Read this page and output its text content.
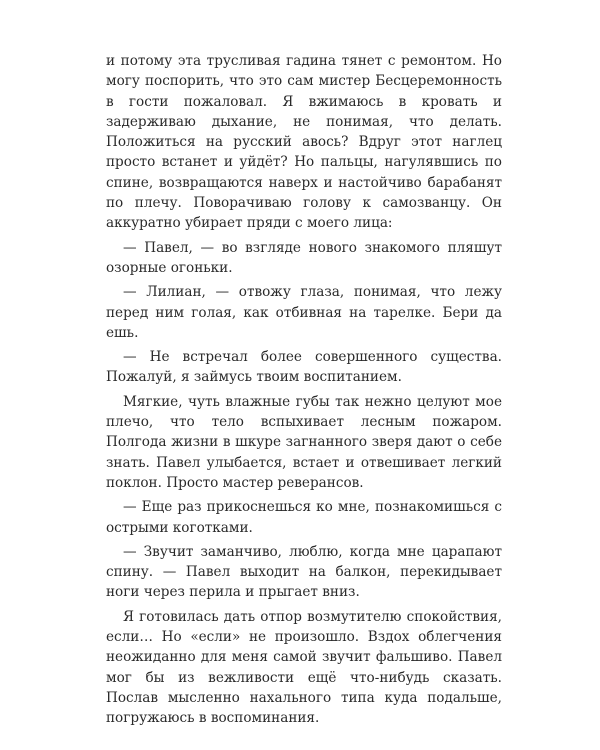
и потому эта трусливая гадина тянет с ремонтом. Но могу поспорить, что это сам мистер Бесцеремонность в гости пожаловал. Я вжимаюсь в кровать и задерживаю дыхание, не понимая, что делать. Положиться на русский авось? Вдруг этот наглец просто встанет и уйдёт? Но пальцы, нагулявшись по спине, возвращаются наверх и настойчиво барабанят по плечу. Поворачиваю голову к самозванцу. Он аккуратно убирает пряди с моего лица:

— Павел, — во взгляде нового знакомого пляшут озорные огоньки.

— Лилиан, — отвожу глаза, понимая, что лежу перед ним голая, как отбивная на тарелке. Бери да ешь.

— Не встречал более совершенного существа. Пожалуй, я займусь твоим воспитанием.

Мягкие, чуть влажные губы так нежно целуют мое плечо, что тело вспыхивает лесным пожаром. Полгода жизни в шкуре загнанного зверя дают о себе знать. Павел улыбается, встает и отвешивает легкий поклон. Просто мастер реверансов.

— Еще раз прикоснешься ко мне, познакомишься с острыми коготками.

— Звучит заманчиво, люблю, когда мне царапают спину. — Павел выходит на балкон, перекидывает ноги через перила и прыгает вниз.

Я готовилась дать отпор возмутителю спокойствия, если… Но «если» не произошло. Вздох облегчения неожиданно для меня самой звучит фальшиво. Павел мог бы из вежливости ещё что-нибудь сказать. Послав мысленно нахального типа куда подальше, погружаюсь в воспоминания.
